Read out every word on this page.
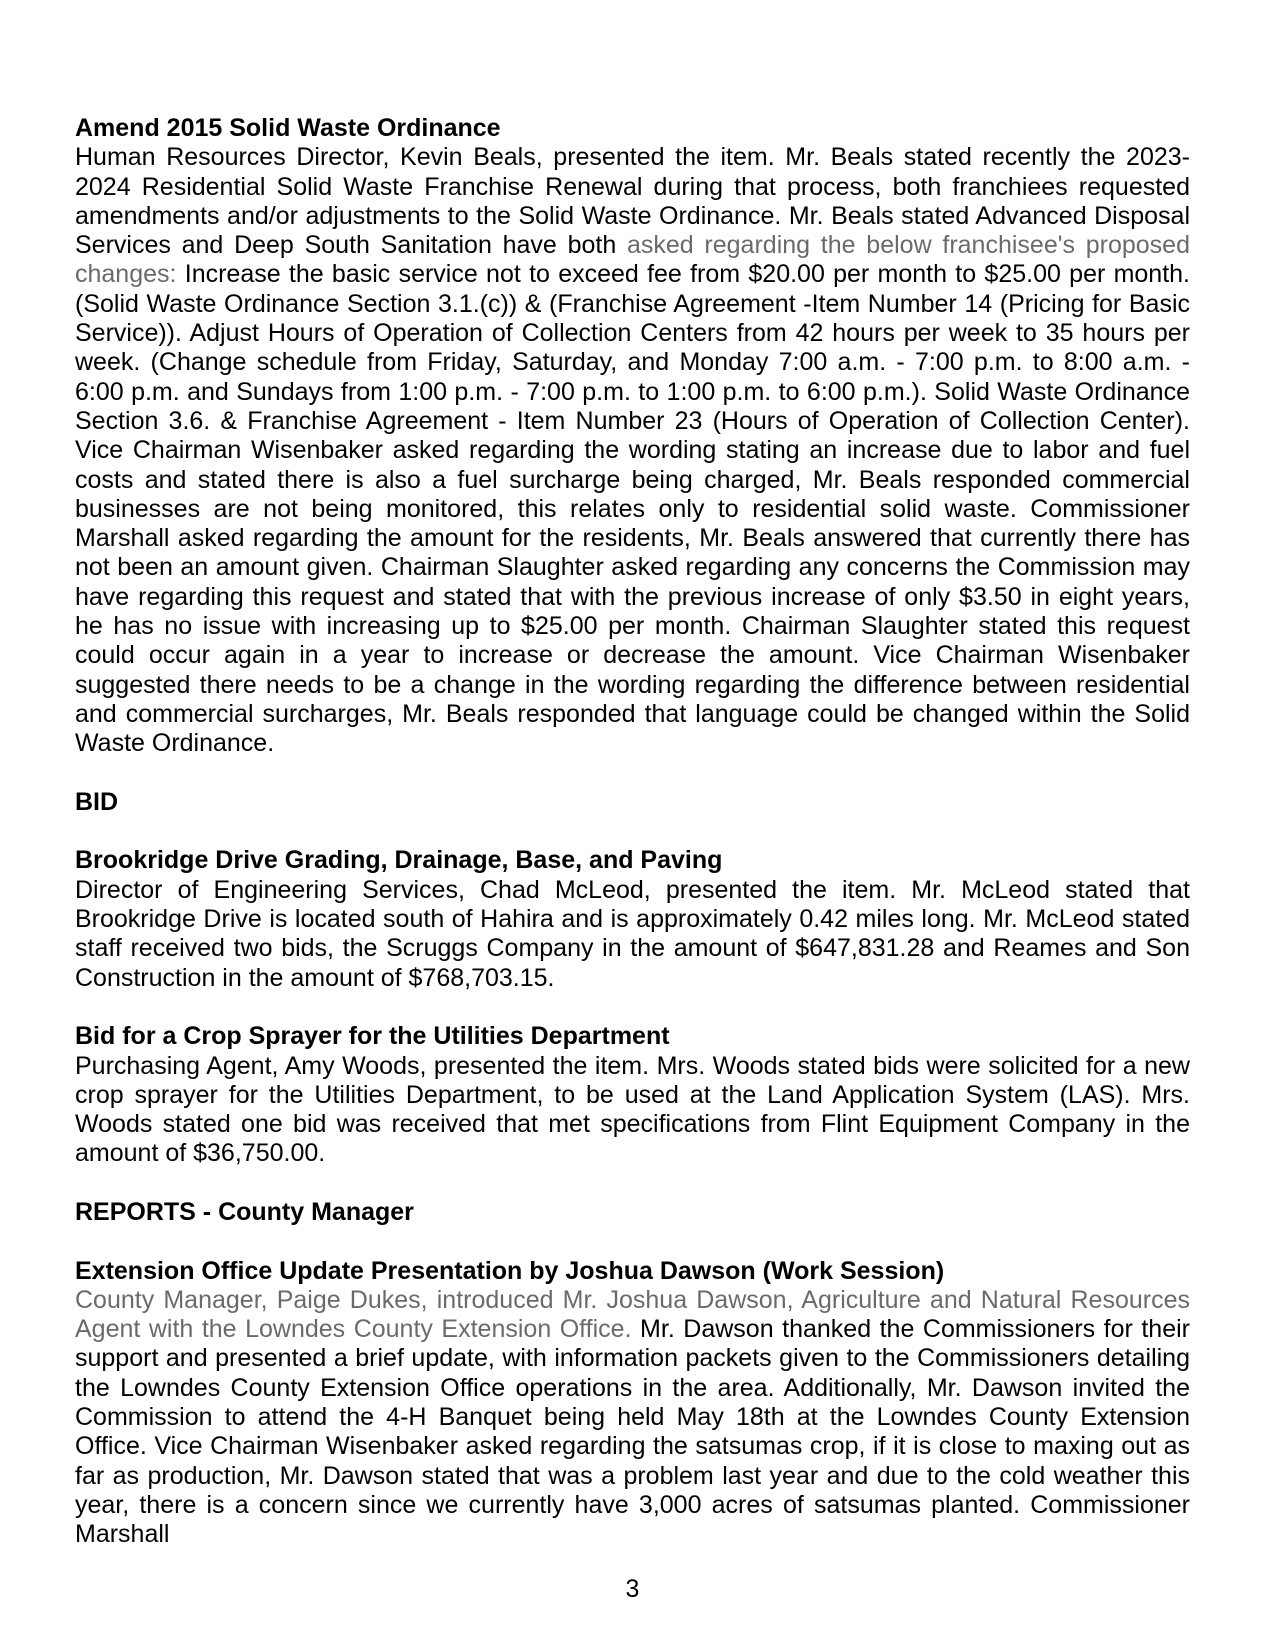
Amend 2015 Solid Waste Ordinance

Human Resources Director, Kevin Beals, presented the item. Mr. Beals stated recently the 2023-2024 Residential Solid Waste Franchise Renewal during that process, both franchiees requested amendments and/or adjustments to the Solid Waste Ordinance. Mr. Beals stated Advanced Disposal Services and Deep South Sanitation have both asked regarding the below franchisee's proposed changes: Increase the basic service not to exceed fee from $20.00 per month to $25.00 per month. (Solid Waste Ordinance Section 3.1.(c)) & (Franchise Agreement -Item Number 14 (Pricing for Basic Service)). Adjust Hours of Operation of Collection Centers from 42 hours per week to 35 hours per week. (Change schedule from Friday, Saturday, and Monday 7:00 a.m. - 7:00 p.m. to 8:00 a.m. - 6:00 p.m. and Sundays from 1:00 p.m. - 7:00 p.m. to 1:00 p.m. to 6:00 p.m.). Solid Waste Ordinance Section 3.6. & Franchise Agreement - Item Number 23 (Hours of Operation of Collection Center). Vice Chairman Wisenbaker asked regarding the wording stating an increase due to labor and fuel costs and stated there is also a fuel surcharge being charged, Mr. Beals responded commercial businesses are not being monitored, this relates only to residential solid waste. Commissioner Marshall asked regarding the amount for the residents, Mr. Beals answered that currently there has not been an amount given. Chairman Slaughter asked regarding any concerns the Commission may have regarding this request and stated that with the previous increase of only $3.50 in eight years, he has no issue with increasing up to $25.00 per month. Chairman Slaughter stated this request could occur again in a year to increase or decrease the amount. Vice Chairman Wisenbaker suggested there needs to be a change in the wording regarding the difference between residential and commercial surcharges, Mr. Beals responded that language could be changed within the Solid Waste Ordinance.

BID
Brookridge Drive Grading, Drainage, Base, and Paving

Director of Engineering Services, Chad McLeod, presented the item. Mr. McLeod stated that Brookridge Drive is located south of Hahira and is approximately 0.42 miles long. Mr. McLeod stated staff received two bids, the Scruggs Company in the amount of $647,831.28 and Reames and Son Construction in the amount of $768,703.15.

Bid for a Crop Sprayer for the Utilities Department

Purchasing Agent, Amy Woods, presented the item. Mrs. Woods stated bids were solicited for a new crop sprayer for the Utilities Department, to be used at the Land Application System (LAS). Mrs. Woods stated one bid was received that met specifications from Flint Equipment Company in the amount of $36,750.00.

REPORTS - County Manager
Extension Office Update Presentation by Joshua Dawson (Work Session)

County Manager, Paige Dukes, introduced Mr. Joshua Dawson, Agriculture and Natural Resources Agent with the Lowndes County Extension Office. Mr. Dawson thanked the Commissioners for their support and presented a brief update, with information packets given to the Commissioners detailing the Lowndes County Extension Office operations in the area. Additionally, Mr. Dawson invited the Commission to attend the 4-H Banquet being held May 18th at the Lowndes County Extension Office. Vice Chairman Wisenbaker asked regarding the satsumas crop, if it is close to maxing out as far as production, Mr. Dawson stated that was a problem last year and due to the cold weather this year, there is a concern since we currently have 3,000 acres of satsumas planted. Commissioner Marshall

3
